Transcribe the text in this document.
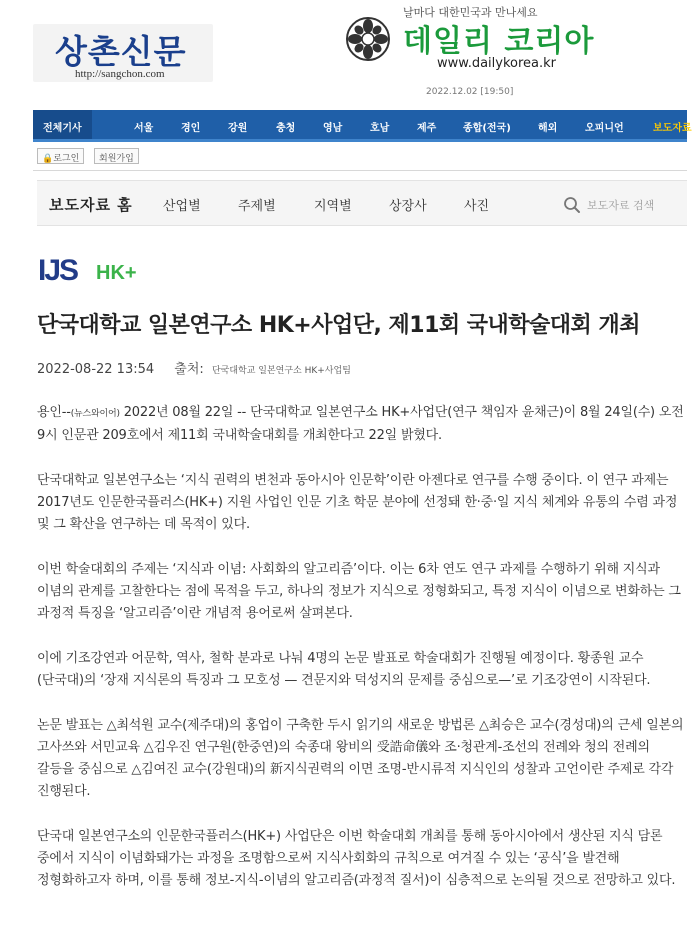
상촌신문
http://sangchon.com
날마다 대한민국과 만나세요
데일리 코리아
www.dailykorea.kr
2022.12.02 [19:50]
전체기사	서울	경인	강원	충청	영남	호남	제주	종합(전국)	해외	오피니언	보도자료
🔒로그인	회원가입
보도자료 홈 산업별	주제별	지역별	상장사	사진
보도자료 검색
IJS HK+
단국대학교 일본연구소 HK+사업단, 제11회 국내학술대회 개최
2022-08-22 13:54 출처: 단국대학교 일본연구소 HK+사업팀

용인--(뉴스와이어) 2022년 08월 22일 -- 단국대학교 일본연구소 HK+사업단(연구 책임자 윤채근)이 8월 24일(수) 오전 9시 인문관 209호에서 제11회 국내학술대회를 개최한다고 22일 밝혔다.

단국대학교 일본연구소는 ‘지식 권력의 변천과 동아시아 인문학’이란 아젠다로 연구를 수행 중이다. 이 연구 과제는 2017년도 인문한국플러스(HK+) 지원 사업인 인문 기초 학문 분야에 선정돼 한·중·일 지식 체계와 유통의 수렴 과정 및 그 확산을 연구하는 데 목적이 있다.

이번 학술대회의 주제는 ‘지식과 이념: 사회화의 알고리즘’이다. 이는 6차 연도 연구 과제를 수행하기 위해 지식과 이념의 관계를 고찰한다는 점에 목적을 두고, 하나의 정보가 지식으로 정형화되고, 특정 지식이 이념으로 변화하는 그 과정적 특징을 ‘알고리즘’이란 개념적 용어로써 살펴본다.

이에 기조강연과 어문학, 역사, 철학 분과로 나눠 4명의 논문 발표로 학술대회가 진행될 예정이다. 황종원 교수(단국대)의 ‘장재 지식론의 특징과 그 모호성 — 견문지와 덕성지의 문제를 중심으로—’로 기조강연이 시작된다.

논문 발표는 △최석원 교수(제주대)의 홍업이 구축한 두시 읽기의 새로운 방법론 △최승은 교수(경성대)의 근세 일본의 고사쓰와 서민교육 △김우진 연구원(한중연)의 숙종대 왕비의 受誥命儀와 조·청관계-조선의 전례와 청의 전례의 갈등을 중심으로 △김여진 교수(강원대)의 新지식권력의 이면 조명-반시류적 지식인의 성찰과 고언이란 주제로 각각 진행된다.

단국대 일본연구소의 인문한국플러스(HK+) 사업단은 이번 학술대회 개최를 통해 동아시아에서 생산된 지식 담론 중에서 지식이 이념화돼가는 과정을 조명함으로써 지식사회화의 규칙으로 여겨질 수 있는 ‘공식’을 발견해 정형화하고자 하며, 이를 통해 정보-지식-이념의 알고리즘(과정적 질서)이 심층적으로 논의될 것으로 전망하고 있다.
